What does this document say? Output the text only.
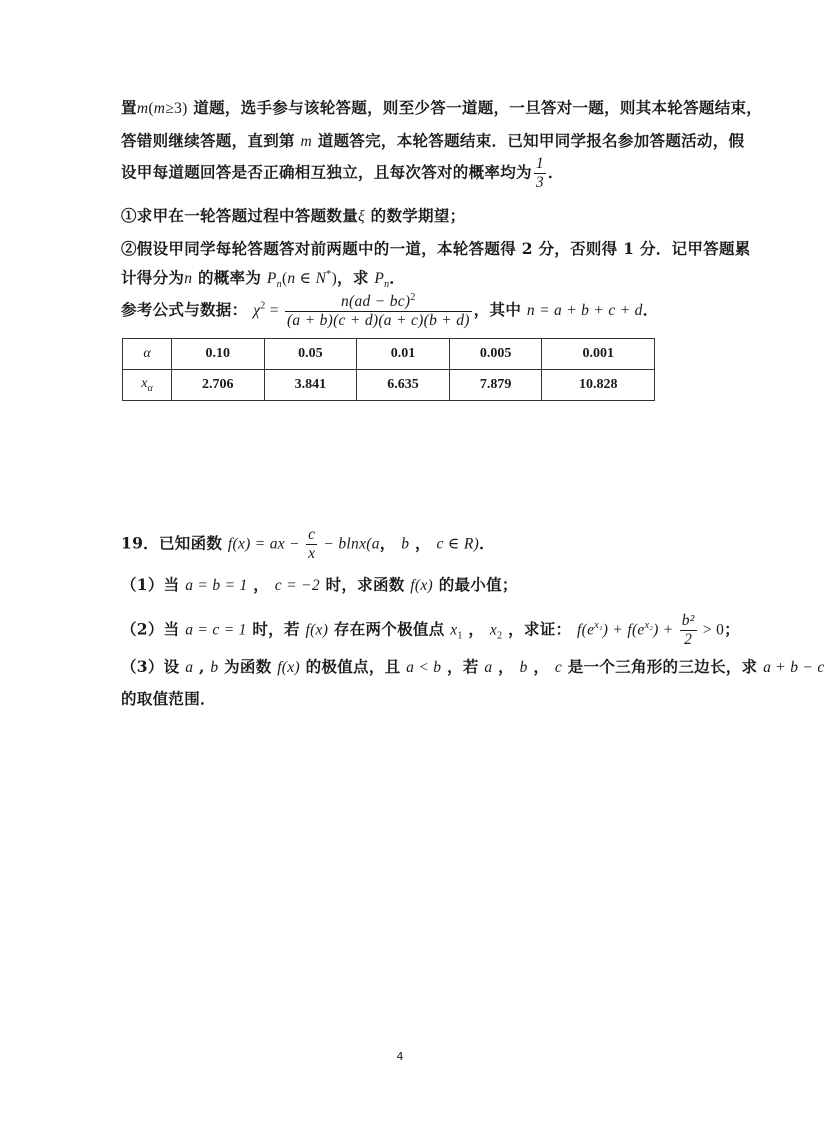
置m(m≥3) 道题，选手参与该轮答题，则至少答一道题，一旦答对一题，则其本轮答题结束，
答错则继续答题，直到第 m 道题答完，本轮答题结束．已知甲同学报名参加答题活动，假
设甲每道题回答是否正确相互独立，且每次答对的概率均为 $\frac{1}{3}$ ．
①求甲在一轮答题过程中答题数量ξ 的数学期望；
②假设甲同学每轮答题答对前两题中的一道，本轮答题得 2 分，否则得 1 分．记甲答题累
计得分为n 的概率为 $P_n(n$ ∈ N*)，求 $P_n$．
参考公式与数据： $\chi^2 = \frac{n(ad - bc)^2}{(a + b)(c + d)(a + c)(b + d)}$ ，其中 n = a + b + c + d．
α	0.10	0.05	0.01	0.005	0.001
$x_\alpha$	2.706	3.841	6.635	7.879	10.828
19．已知函数 f(x) = ax − $\frac{c}{x} - blnx(a$， b ， c ∈ R)．
（1）当 a = b = 1 ， c = −2 时，求函数 f(x) 的最小值；
（2）当 a = c = 1 时，若 f(x) 存在两个极值点 $x_1$ ， $x_2$ ，求证： $f(e^{x_1}) + f(e^{x_2}) + \frac{\text{b²}}{2} > 0$；
（3）设 a , b 为函数 f(x) 的极值点，且 a < b ，若 a ， b ， c 是一个三角形的三边长，求 a + b − c
的取值范围．
4
